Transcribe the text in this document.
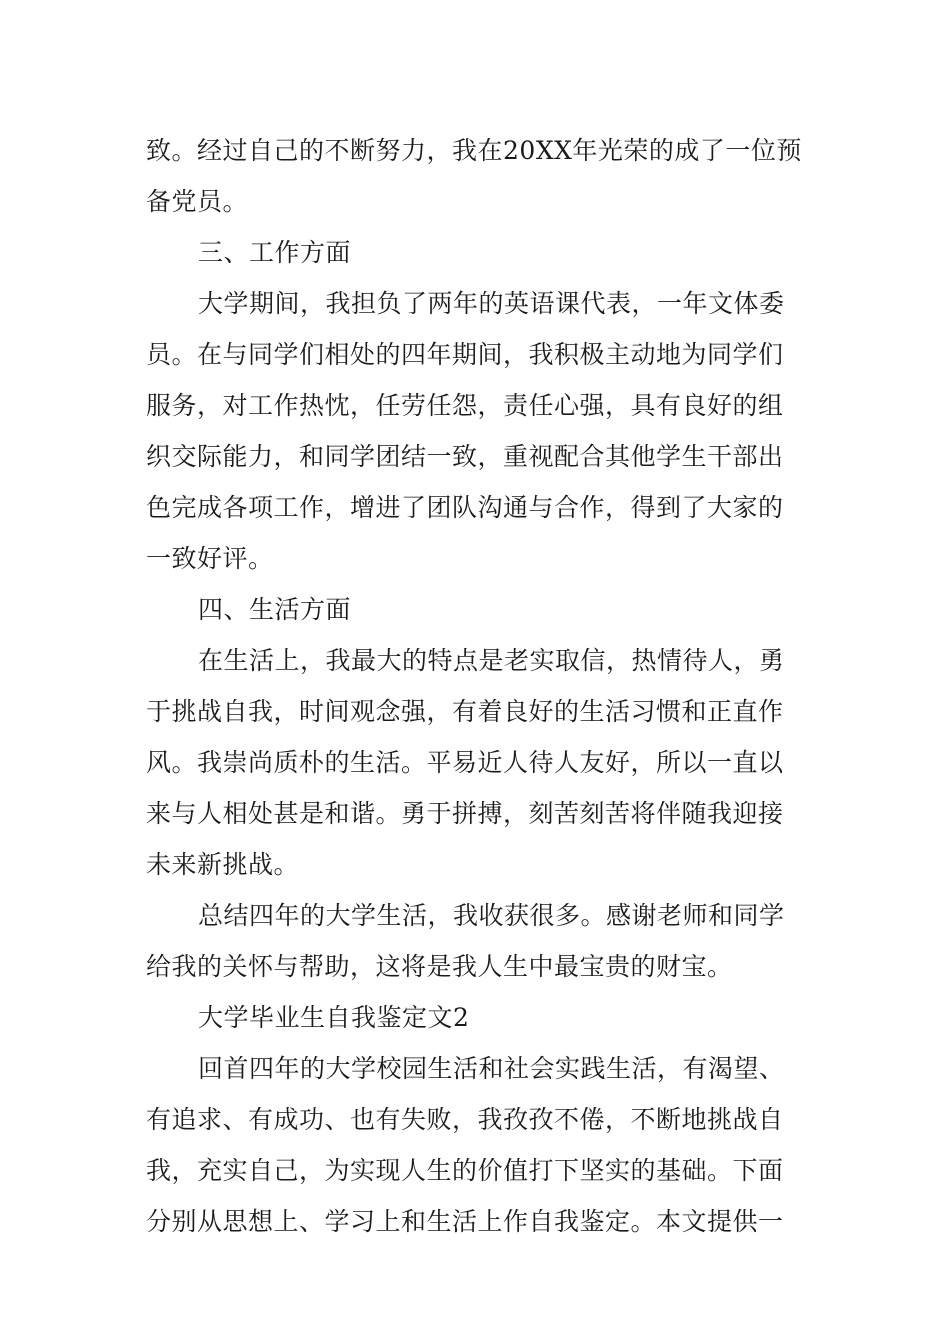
致。经过自己的不断努力，我在20XX年光荣的成了一位预
备党员。
三、工作方面
大学期间，我担负了两年的英语课代表，一年文体委
员。在与同学们相处的四年期间，我积极主动地为同学们
服务，对工作热忱，任劳任怨，责任心强，具有良好的组
织交际能力，和同学团结一致，重视配合其他学生干部出
色完成各项工作，增进了团队沟通与合作，得到了大家的
一致好评。
四、生活方面
在生活上，我最大的特点是老实取信，热情待人，勇
于挑战自我，时间观念强，有着良好的生活习惯和正直作
风。我崇尚质朴的生活。平易近人待人友好，所以一直以
来与人相处甚是和谐。勇于拼搏，刻苦刻苦将伴随我迎接
未来新挑战。
总结四年的大学生活，我收获很多。感谢老师和同学
给我的关怀与帮助，这将是我人生中最宝贵的财宝。
大学毕业生自我鉴定文2
回首四年的大学校园生活和社会实践生活，有渴望、
有追求、有成功、也有失败，我孜孜不倦，不断地挑战自
我，充实自己，为实现人生的价值打下坚实的基础。下面
分别从思想上、学习上和生活上作自我鉴定。本文提供一
